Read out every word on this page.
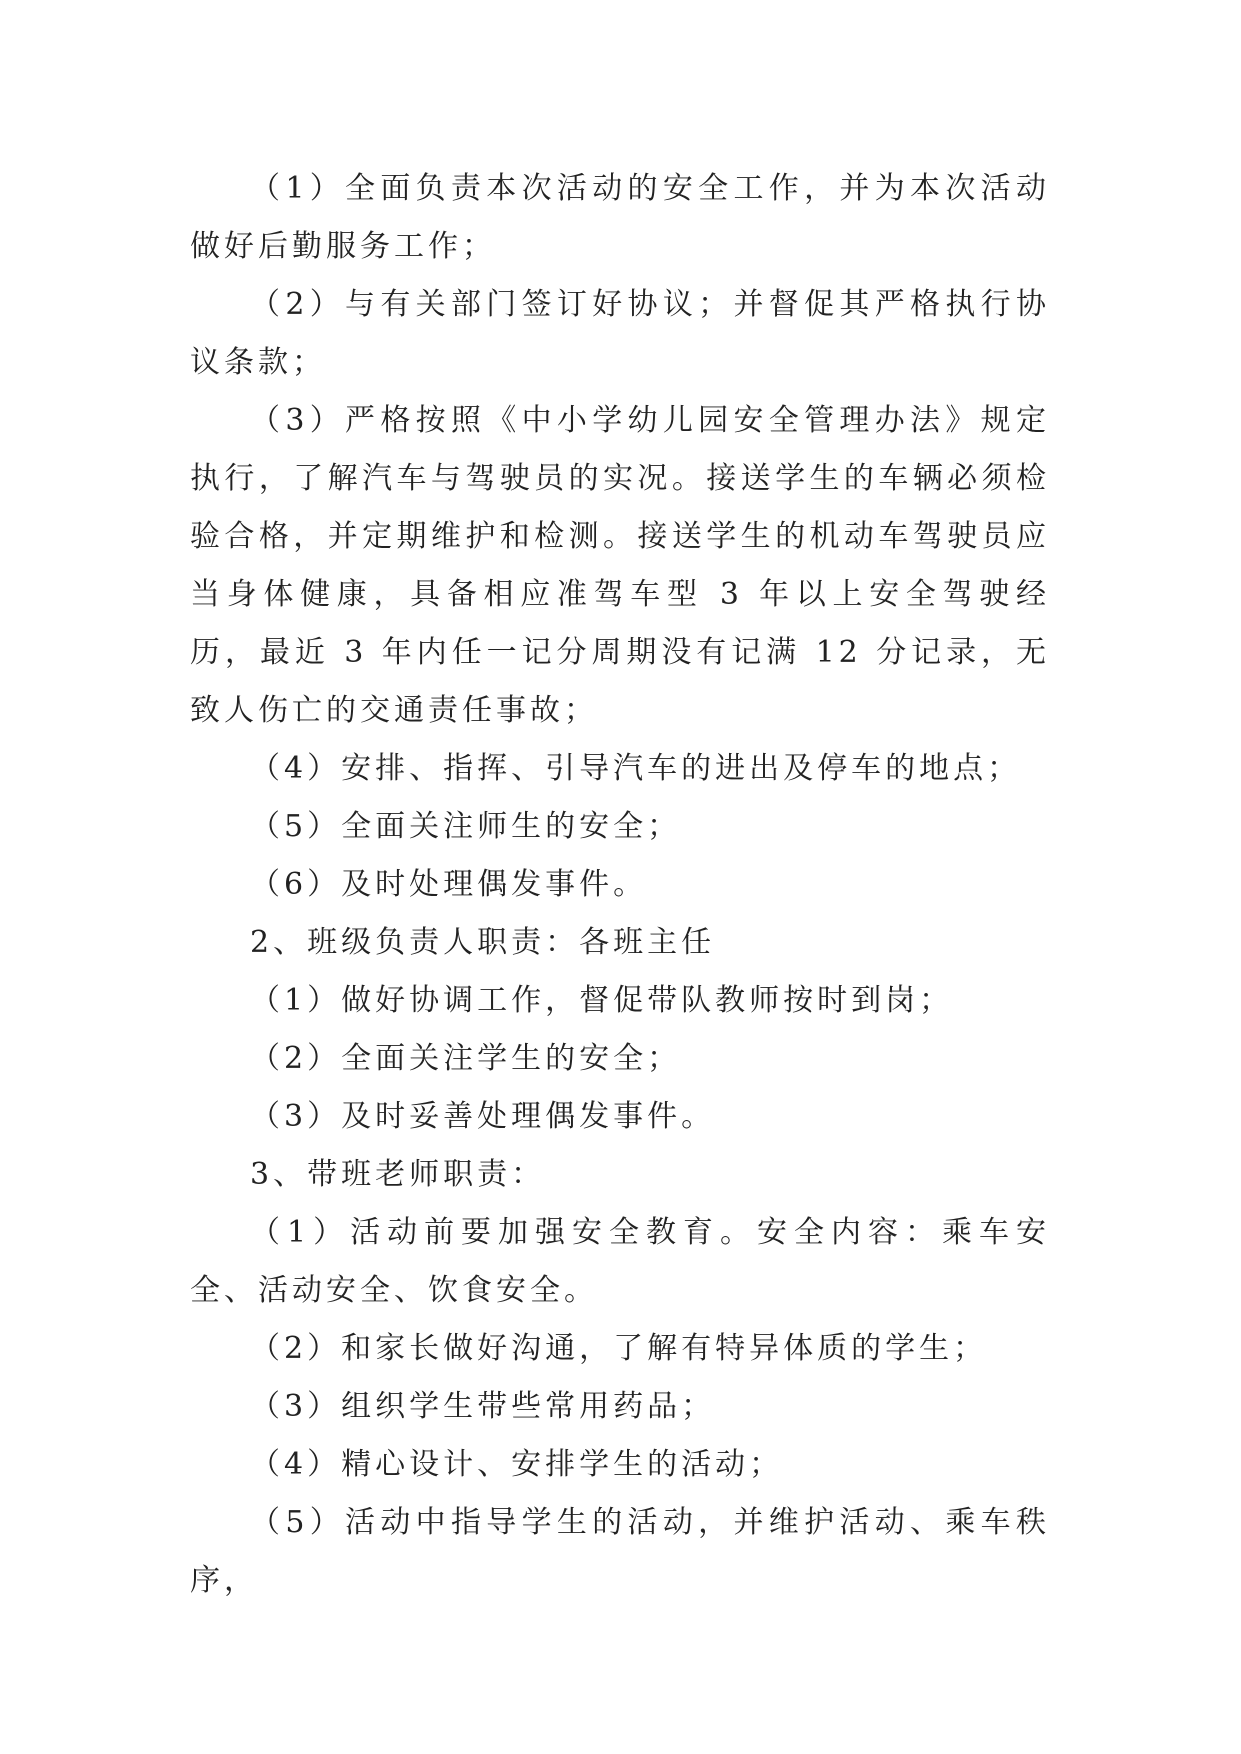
（1）全面负责本次活动的安全工作，并为本次活动做好后勤服务工作；

（2）与有关部门签订好协议；并督促其严格执行协议条款；

（3）严格按照《中小学幼儿园安全管理办法》规定执行，了解汽车与驾驶员的实况。接送学生的车辆必须检验合格，并定期维护和检测。接送学生的机动车驾驶员应当身体健康，具备相应准驾车型 3 年以上安全驾驶经历，最近 3 年内任一记分周期没有记满 12 分记录，无致人伤亡的交通责任事故；

（4）安排、指挥、引导汽车的进出及停车的地点；

（5）全面关注师生的安全；

（6）及时处理偶发事件。

2、班级负责人职责：各班主任

（1）做好协调工作，督促带队教师按时到岗；

（2）全面关注学生的安全；

（3）及时妥善处理偶发事件。

3、带班老师职责：

（1）活动前要加强安全教育。安全内容：乘车安全、活动安全、饮食安全。

（2）和家长做好沟通，了解有特异体质的学生；

（3）组织学生带些常用药品；

（4）精心设计、安排学生的活动；

（5）活动中指导学生的活动，并维护活动、乘车秩序，
